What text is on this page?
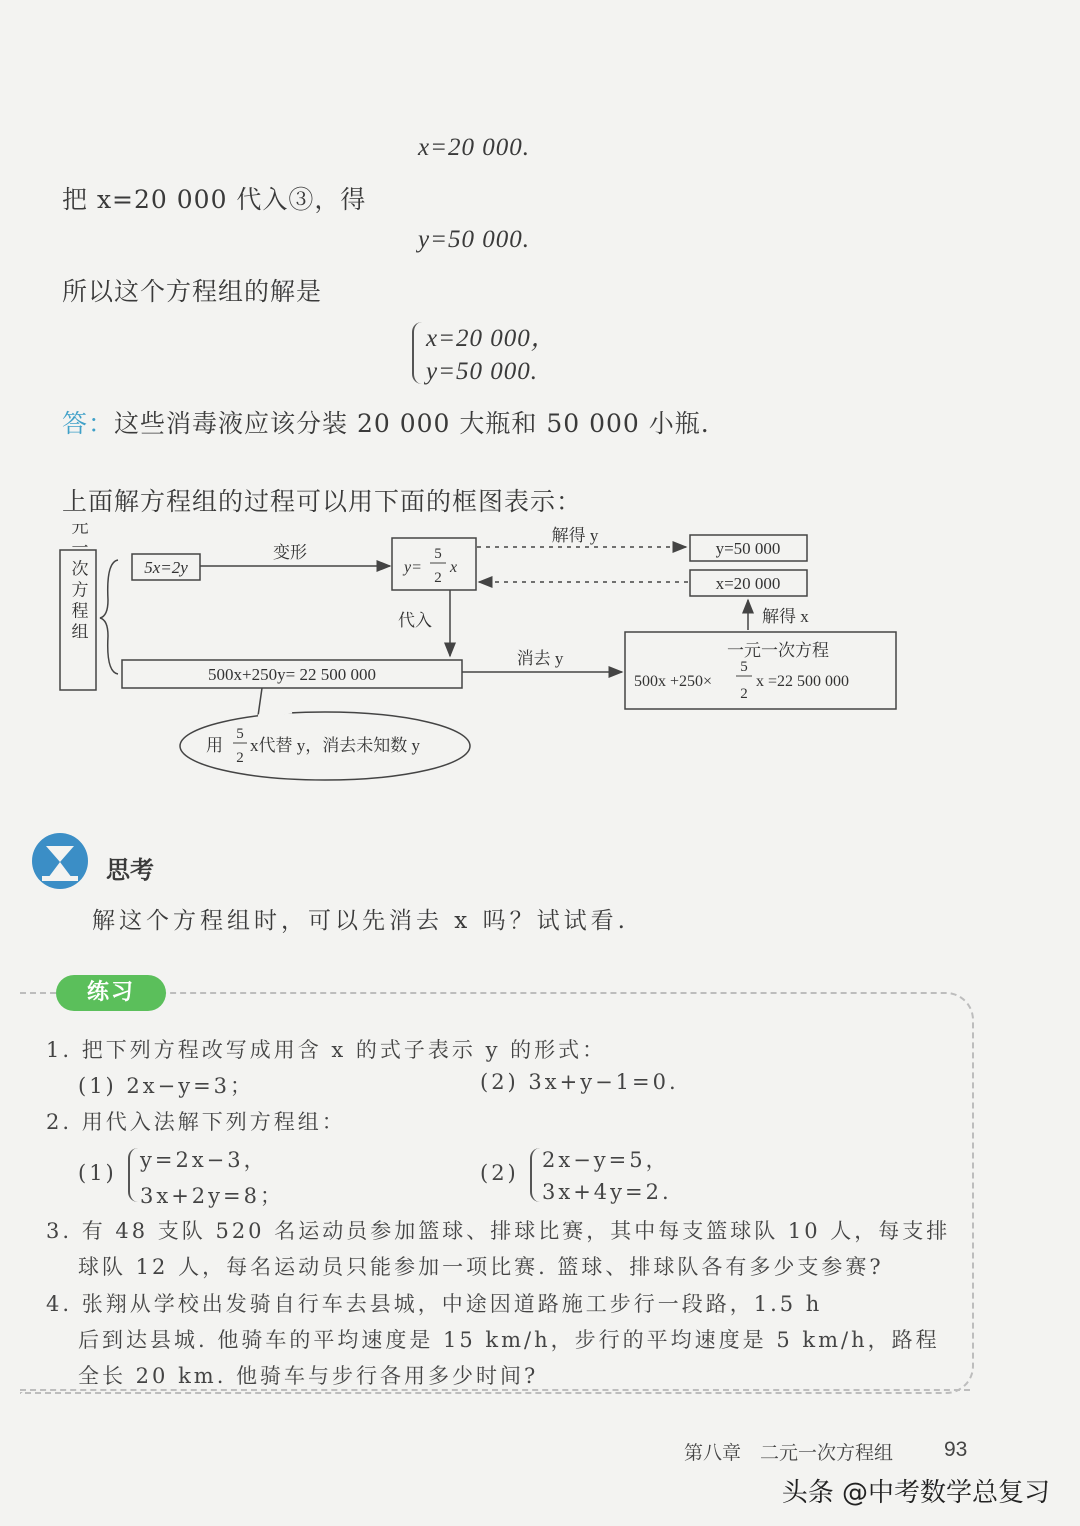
x=20 000.
把 x=20 000 代入③，得
y=50 000.
所以这个方程组的解是
x=20 000，
y=50 000.
答：这些消毒液应该分装 20 000 大瓶和 50 000 小瓶.
上面解方程组的过程可以用下面的框图表示：
二元一次方程组	5x=2y
变形
y=
5
2
x
解得 y
y=50 000
x=20 000
解得 x
代入
500x+250y= 22 500 000
消去 y	一元一次方程
500x +250×
5
2
x =22 500 000
用
5
2
x代替 y，消去未知数 y
思考
解这个方程组时，可以先消去 x 吗？试试看.
练习
1. 把下列方程改写成用含 x 的式子表示 y 的形式：
(1) 2x−y=3；	(2) 3x+y−1=0.
2. 用代入法解下列方程组：
(1)
y=2x−3，
3x+2y=8；
(2)
2x−y=5，
3x+4y=2.
3. 有 48 支队 520 名运动员参加篮球、排球比赛，其中每支篮球队 10 人，每支排
球队 12 人，每名运动员只能参加一项比赛. 篮球、排球队各有多少支参赛?
4. 张翔从学校出发骑自行车去县城，中途因道路施工步行一段路，1.5 h
后到达县城. 他骑车的平均速度是 15 km/h，步行的平均速度是 5 km/h，路程
全长 20 km. 他骑车与步行各用多少时间?
第八章　二元一次方程组 93
头条 @中考数学总复习
